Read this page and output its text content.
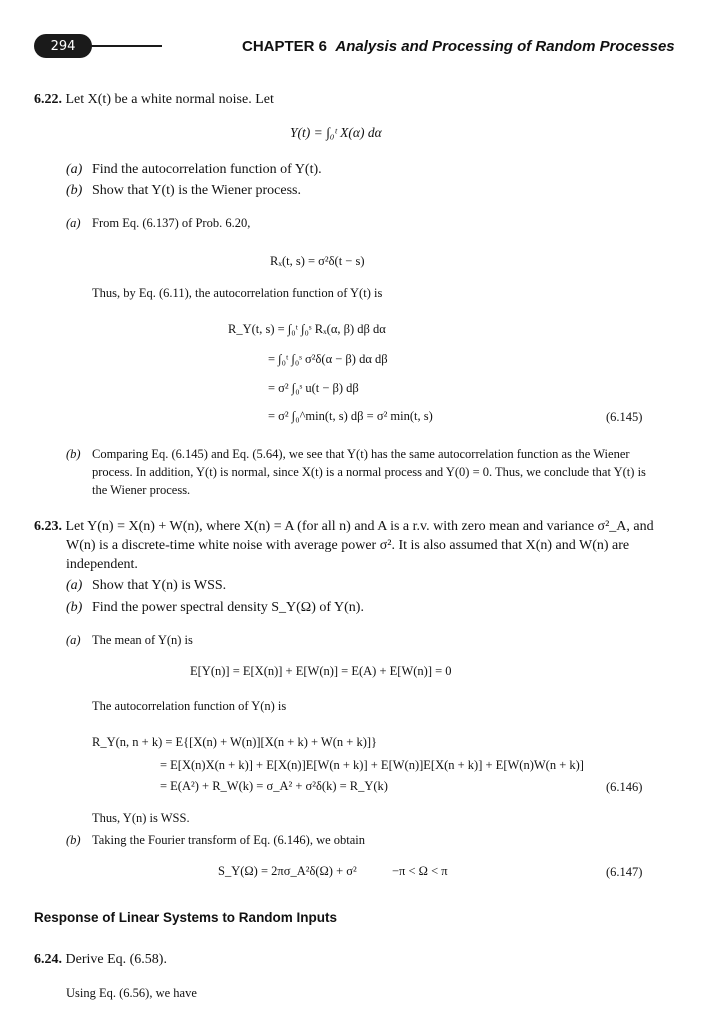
294	CHAPTER 6 Analysis and Processing of Random Processes
6.22. Let X(t) be a white normal noise. Let
Y(t) = ∫₀ᵗ X(α) dα
(a) Find the autocorrelation function of Y(t).
(b) Show that Y(t) is the Wiener process.
(a) From Eq. (6.137) of Prob. 6.20,
Rₓ(t, s) = σ²δ(t − s)
Thus, by Eq. (6.11), the autocorrelation function of Y(t) is
R_Y(t, s) = ∫₀ᵗ ∫₀ˢ Rₓ(α, β) dβ dα
= ∫₀ᵗ ∫₀ˢ σ²δ(α − β) dα dβ
= σ² ∫₀ˢ u(t − β) dβ
= σ² ∫₀^min(t, s) dβ = σ² min(t, s)	(6.145)
(b) Comparing Eq. (6.145) and Eq. (5.64), we see that Y(t) has the same autocorrelation function as the Wiener
process. In addition, Y(t) is normal, since X(t) is a normal process and Y(0) = 0. Thus, we conclude that Y(t) is
the Wiener process.
6.23. Let Y(n) = X(n) + W(n), where X(n) = A (for all n) and A is a r.v. with zero mean and variance σ²_A, and
W(n) is a discrete-time white noise with average power σ². It is also assumed that X(n) and W(n) are
independent.
(a) Show that Y(n) is WSS.
(b) Find the power spectral density S_Y(Ω) of Y(n).
(a) The mean of Y(n) is
E[Y(n)] = E[X(n)] + E[W(n)] = E(A) + E[W(n)] = 0
The autocorrelation function of Y(n) is
R_Y(n, n + k) = E{[X(n) + W(n)][X(n + k) + W(n + k)]}
= E[X(n)X(n + k)] + E[X(n)]E[W(n + k)] + E[W(n)]E[X(n + k)] + E[W(n)W(n + k)]
= E(A²) + R_W(k) = σ_A² + σ²δ(k) = R_Y(k)	(6.146)
Thus, Y(n) is WSS.
(b) Taking the Fourier transform of Eq. (6.146), we obtain
S_Y(Ω) = 2πσ_A²δ(Ω) + σ²	−π < Ω < π	(6.147)
Response of Linear Systems to Random Inputs
6.24. Derive Eq. (6.58).
Using Eq. (6.56), we have
